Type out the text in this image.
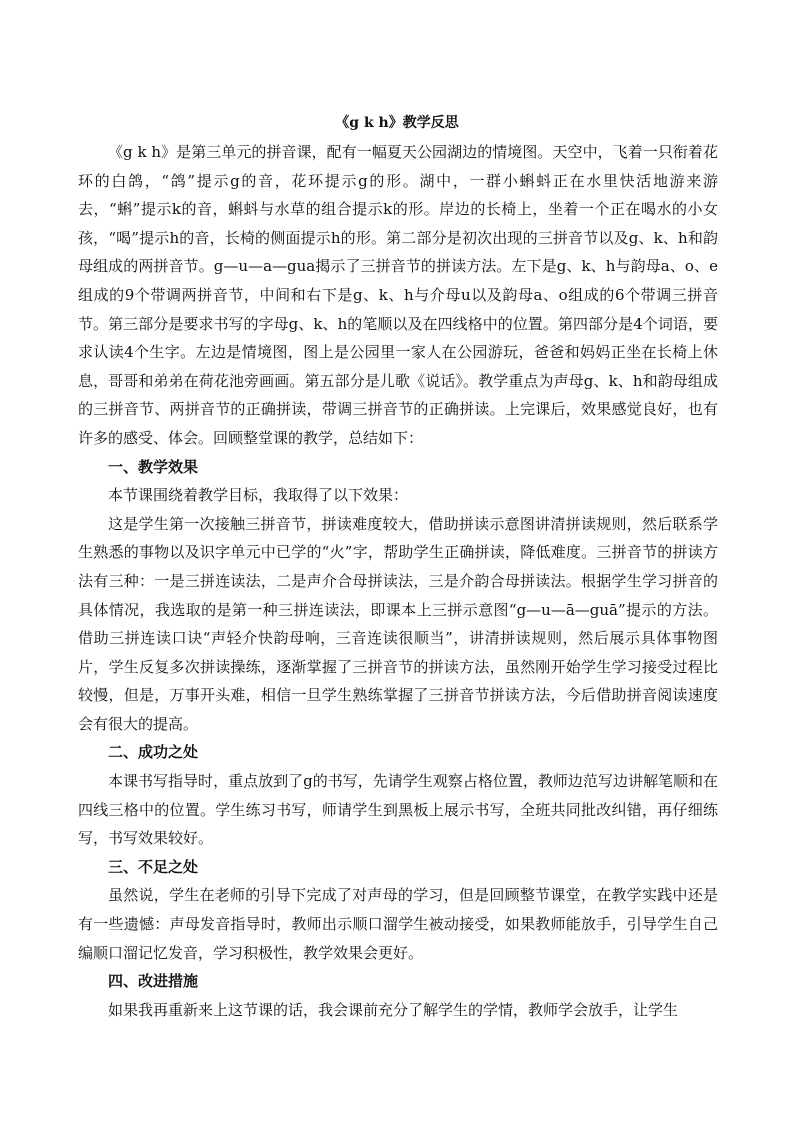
《g k h》教学反思

《g k h》是第三单元的拼音课，配有一幅夏天公园湖边的情境图。天空中，飞着一只衔着花环的白鸽，“鸽”提示g的音，花环提示g的形。湖中，一群小蝌蚪正在水里快活地游来游去，“蝌”提示k的音，蝌蚪与水草的组合提示k的形。岸边的长椅上，坐着一个正在喝水的小女孩，“喝”提示h的音，长椅的侧面提示h的形。第二部分是初次出现的三拼音节以及g、k、h和韵母组成的两拼音节。g—u—a—gua揭示了三拼音节的拼读方法。左下是g、k、h与韵母a、o、e组成的9个带调两拼音节，中间和右下是g、k、h与介母u以及韵母a、o组成的6个带调三拼音节。第三部分是要求书写的字母g、k、h的笔顺以及在四线格中的位置。第四部分是4个词语，要求认读4个生字。左边是情境图，图上是公园里一家人在公园游玩，爸爸和妈妈正坐在长椅上休息，哥哥和弟弟在荷花池旁画画。第五部分是儿歌《说话》。教学重点为声母g、k、h和韵母组成的三拼音节、两拼音节的正确拼读，带调三拼音节的正确拼读。上完课后，效果感觉良好，也有许多的感受、体会。回顾整堂课的教学，总结如下：

一、教学效果

本节课围绕着教学目标，我取得了以下效果：

这是学生第一次接触三拼音节，拼读难度较大，借助拼读示意图讲清拼读规则，然后联系学生熟悉的事物以及识字单元中已学的“火”字，帮助学生正确拼读，降低难度。三拼音节的拼读方法有三种：一是三拼连读法，二是声介合母拼读法，三是介韵合母拼读法。根据学生学习拼音的具体情况，我选取的是第一种三拼连读法，即课本上三拼示意图“g—u—ā—guā”提示的方法。借助三拼连读口诀“声轻介快韵母响，三音连读很顺当”，讲清拼读规则，然后展示具体事物图片，学生反复多次拼读操练，逐渐掌握了三拼音节的拼读方法，虽然刚开始学生学习接受过程比较慢，但是，万事开头难，相信一旦学生熟练掌握了三拼音节拼读方法，今后借助拼音阅读速度会有很大的提高。

二、成功之处

本课书写指导时，重点放到了g的书写，先请学生观察占格位置，教师边范写边讲解笔顺和在四线三格中的位置。学生练习书写，师请学生到黑板上展示书写，全班共同批改纠错，再仔细练写，书写效果较好。

三、不足之处

虽然说，学生在老师的引导下完成了对声母的学习，但是回顾整节课堂，在教学实践中还是有一些遗憾：声母发音指导时，教师出示顺口溜学生被动接受，如果教师能放手，引导学生自己编顺口溜记忆发音，学习积极性，教学效果会更好。

四、改进措施

如果我再重新来上这节课的话，我会课前充分了解学生的学情，教师学会放手，让学生
